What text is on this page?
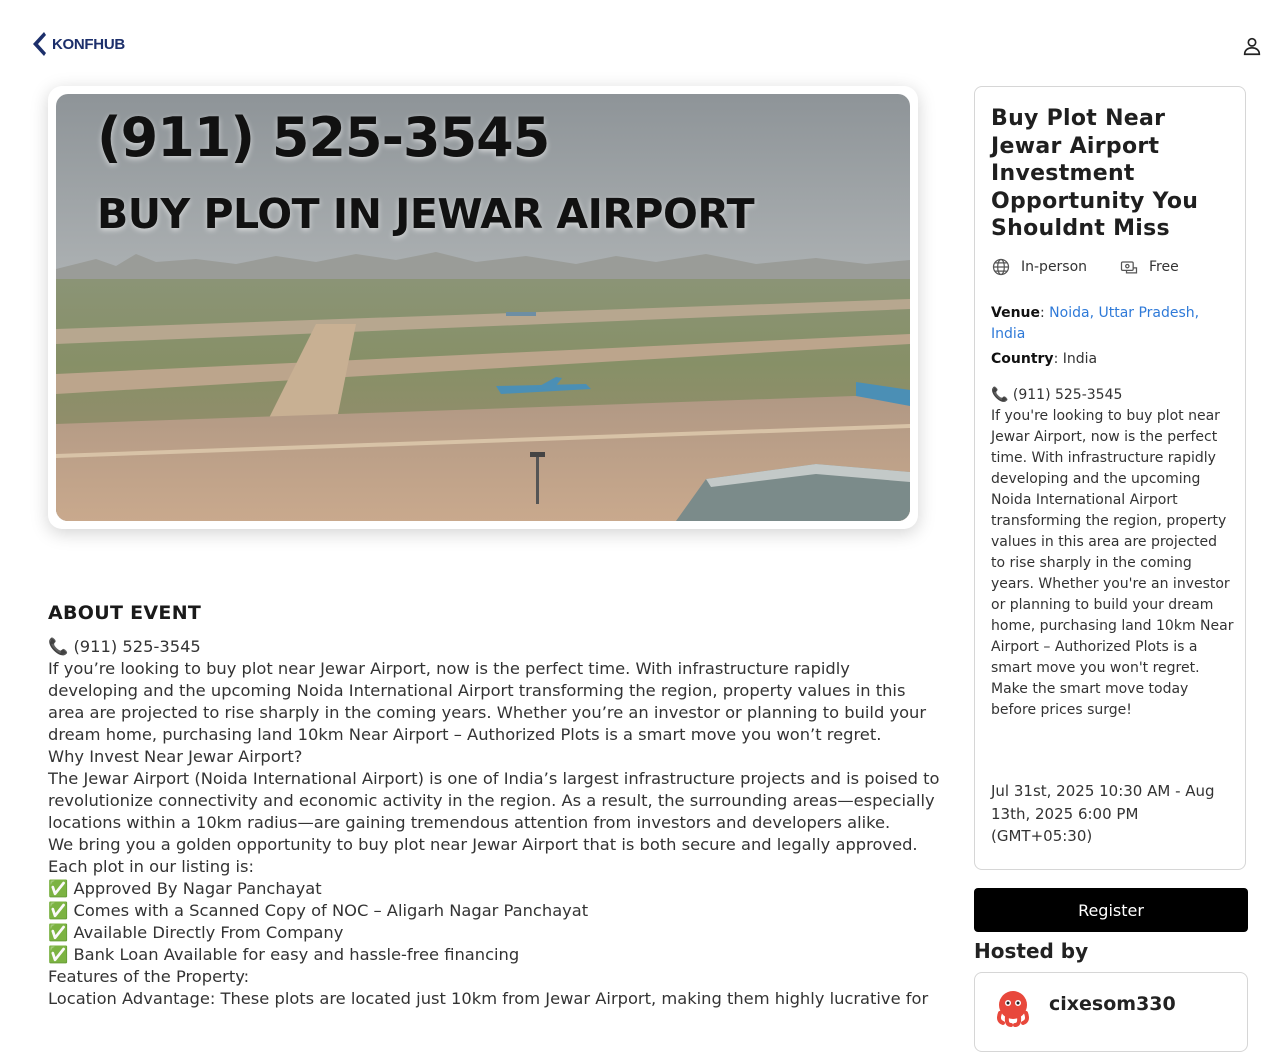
KONFHUB
(911) 525-3545
BUY PLOT IN JEWAR AIRPORT
ABOUT EVENT

📞 (911) 525-3545

If you’re looking to buy plot near Jewar Airport, now is the perfect time. With infrastructure rapidly developing and the upcoming Noida International Airport transforming the region, property values in this area are projected to rise sharply in the coming years. Whether you’re an investor or planning to build your dream home, purchasing land 10km Near Airport – Authorized Plots is a smart move you won’t regret.

Why Invest Near Jewar Airport?

The Jewar Airport (Noida International Airport) is one of India’s largest infrastructure projects and is poised to revolutionize connectivity and economic activity in the region. As a result, the surrounding areas—especially locations within a 10km radius—are gaining tremendous attention from investors and developers alike.

We bring you a golden opportunity to buy plot near Jewar Airport that is both secure and legally approved. Each plot in our listing is:

✅ Approved By Nagar Panchayat

✅ Comes with a Scanned Copy of NOC – Aligarh Nagar Panchayat

✅ Available Directly From Company

✅ Bank Loan Available for easy and hassle-free financing

Features of the Property:

Location Advantage: These plots are located just 10km from Jewar Airport, making them highly lucrative for

Buy Plot Near Jewar Airport Investment Opportunity You Shouldnt Miss
In-person	Free
Venue: Noida, Uttar Pradesh, India
Country: India

📞 (911) 525-3545

If you're looking to buy plot near Jewar Airport, now is the perfect time. With infrastructure rapidly developing and the upcoming Noida International Airport transforming the region, property values in this area are projected to rise sharply in the coming years. Whether you're an investor or planning to build your dream home, purchasing land 10km Near Airport – Authorized Plots is a smart move you won't regret.

Make the smart move today before prices surge!

Jul 31st, 2025 10:30 AM - Aug 13th, 2025 6:00 PM (GMT+05:30)
Register
Hosted by
cixesom330
